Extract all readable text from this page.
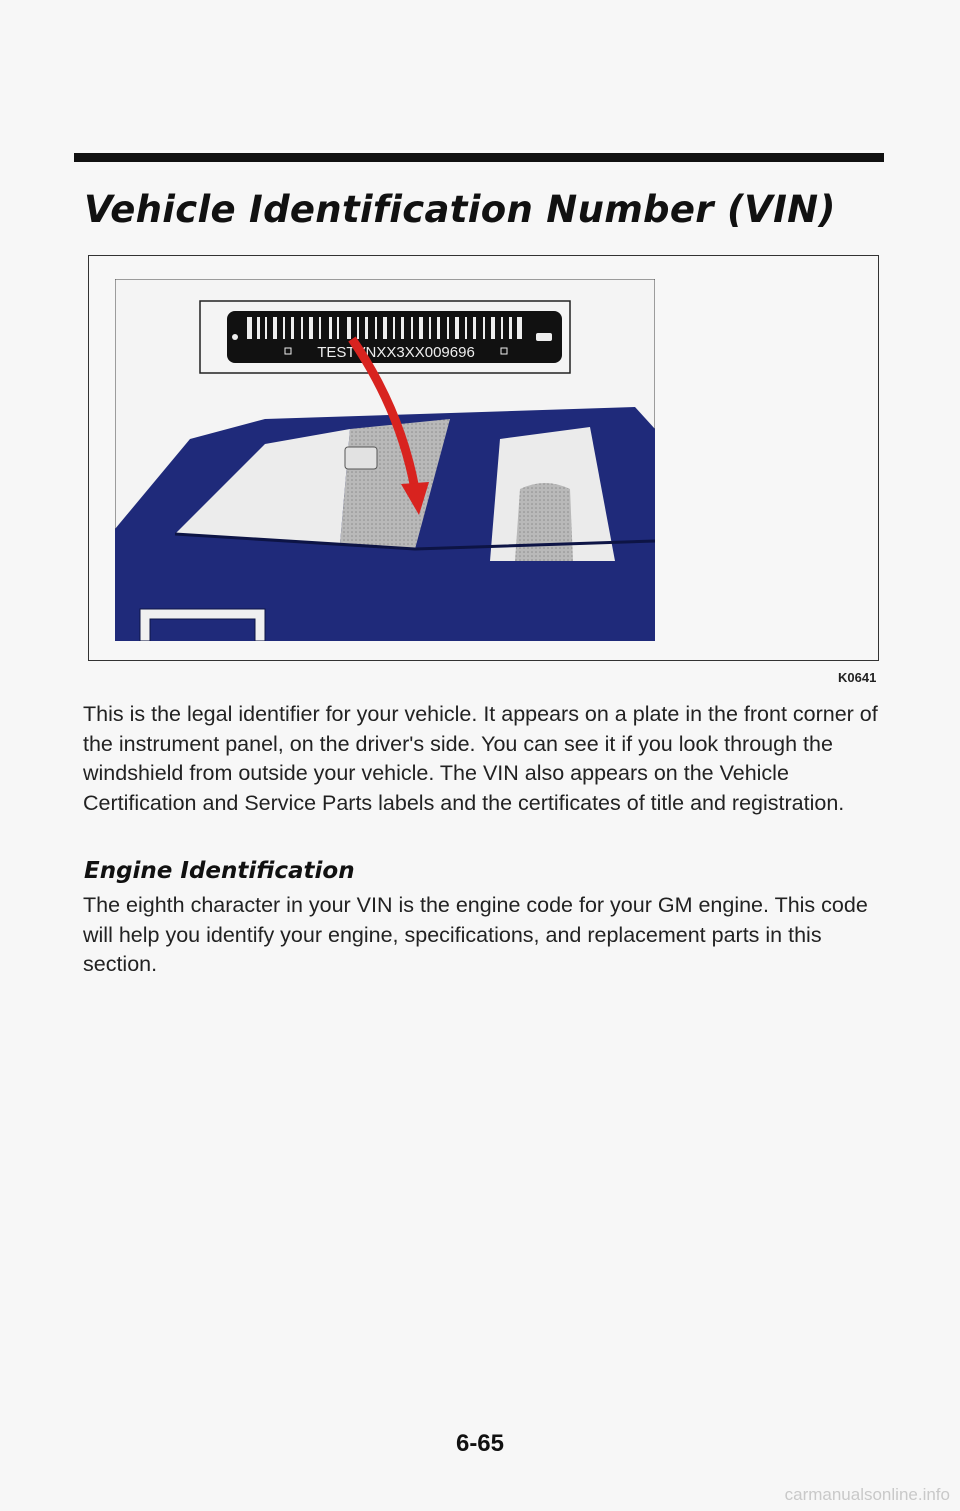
Vehicle Identification Number (VIN)
TESTVNXX3XX009696
K0641

This is the legal identifier for your vehicle. It appears on a plate in the front corner of the instrument panel, on the driver's side. You can see it if you look through the windshield from outside your vehicle. The VIN also appears on the Vehicle Certification and Service Parts labels and the certificates of title and registration.

Engine Identification

The eighth character in your VIN is the engine code for your GM engine. This code will help you identify your engine, specifications, and replacement parts in this section.

6-65
carmanualsonline.info
